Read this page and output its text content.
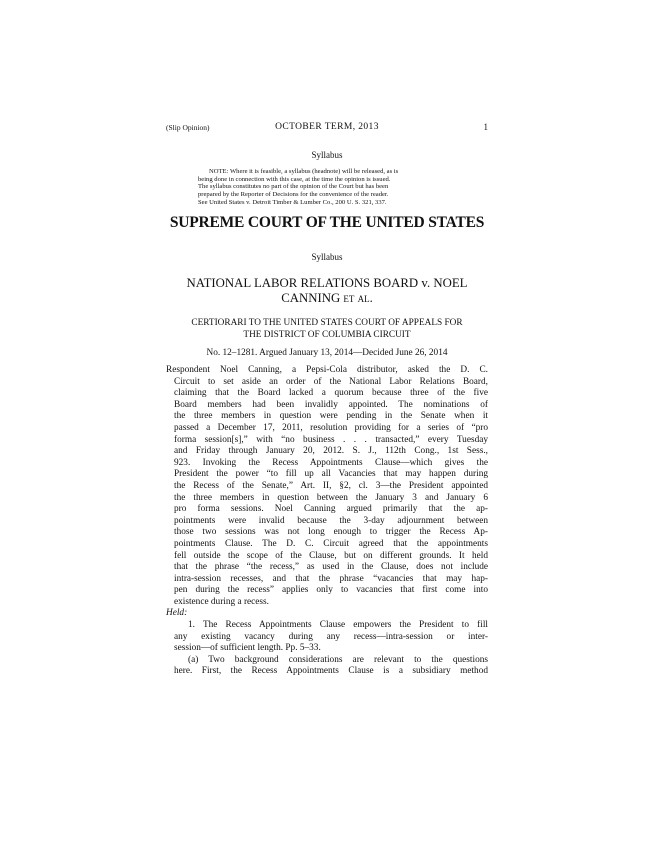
(Slip Opinion)	OCTOBER TERM, 2013	1
Syllabus
NOTE: Where it is feasible, a syllabus (headnote) will be released, as is
being done in connection with this case, at the time the opinion is issued.
The syllabus constitutes no part of the opinion of the Court but has been
prepared by the Reporter of Decisions for the convenience of the reader.
See United States v. Detroit Timber & Lumber Co., 200 U. S. 321, 337.
SUPREME COURT OF THE UNITED STATES
Syllabus
NATIONAL LABOR RELATIONS BOARD v. NOEL
CANNING et al.
CERTIORARI TO THE UNITED STATES COURT OF APPEALS FOR
THE DISTRICT OF COLUMBIA CIRCUIT
No. 12–1281. Argued January 13, 2014—Decided June 26, 2014
Respondent Noel Canning, a Pepsi-Cola distributor, asked the D. C.
Circuit to set aside an order of the National Labor Relations Board,
claiming that the Board lacked a quorum because three of the five
Board members had been invalidly appointed. The nominations of
the three members in question were pending in the Senate when it
passed a December 17, 2011, resolution providing for a series of “pro
forma session[s],” with “no business . . . transacted,” every Tuesday
and Friday through January 20, 2012. S. J., 112th Cong., 1st Sess.,
923. Invoking the Recess Appointments Clause—which gives the
President the power “to fill up all Vacancies that may happen during
the Recess of the Senate,” Art. II, §2, cl. 3—the President appointed
the three members in question between the January 3 and January 6
pro forma sessions. Noel Canning argued primarily that the ap-
pointments were invalid because the 3-day adjournment between
those two sessions was not long enough to trigger the Recess Ap-
pointments Clause. The D. C. Circuit agreed that the appointments
fell outside the scope of the Clause, but on different grounds. It held
that the phrase “the recess,” as used in the Clause, does not include
intra-session recesses, and that the phrase “vacancies that may hap-
pen during the recess” applies only to vacancies that first come into
existence during a recess.
Held:
1. The Recess Appointments Clause empowers the President to fill
any existing vacancy during any recess—intra-session or inter-
session—of sufficient length. Pp. 5–33.
(a) Two background considerations are relevant to the questions
here. First, the Recess Appointments Clause is a subsidiary method
